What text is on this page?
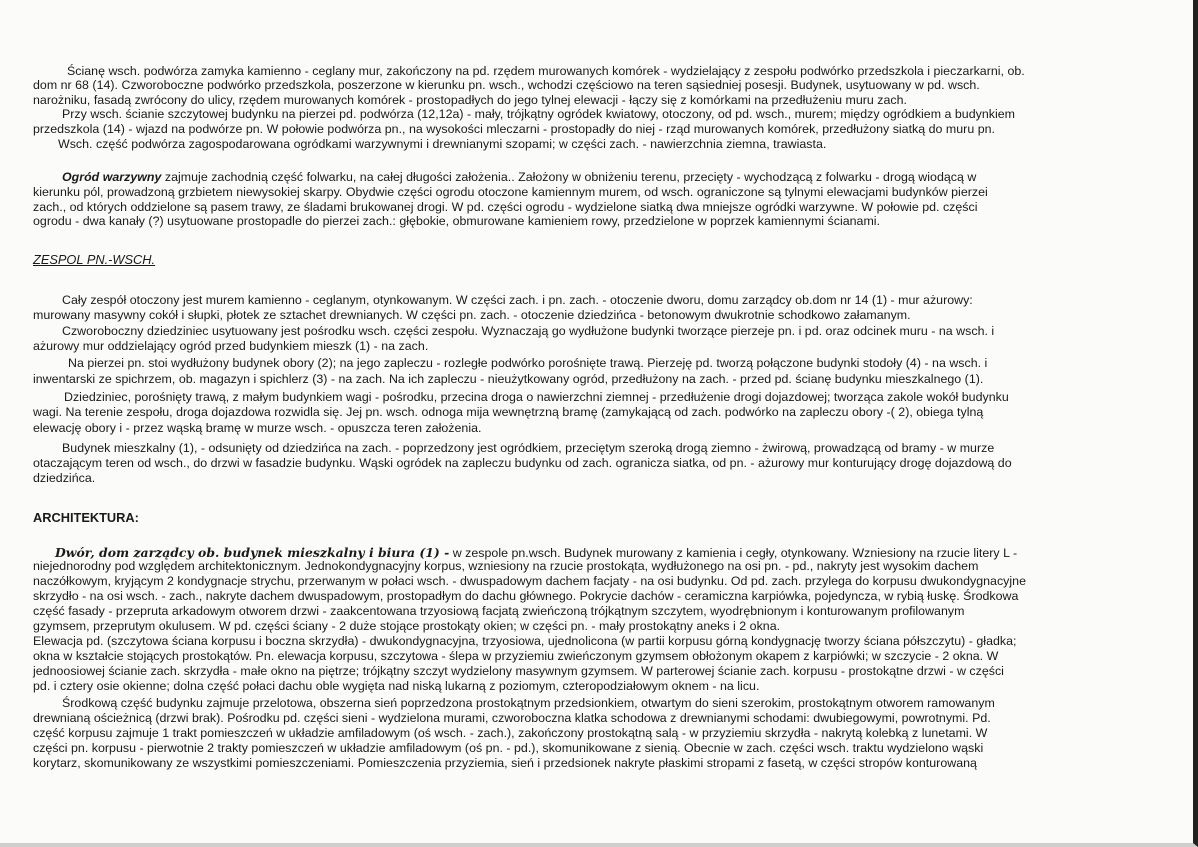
Ścianę wsch. podwórza zamyka kamienno - ceglany mur, zakończony na pd. rzędem murowanych komórek - wydzielający z zespołu podwórko przedszkola i pieczarkarni, ob.
dom nr 68 (14). Czworoboczne podwórko przedszkola, poszerzone w kierunku pn. wsch., wchodzi częściowo na teren sąsiedniej posesji. Budynek, usytuowany w pd. wsch.
narożniku, fasadą zwrócony do ulicy, rzędem murowanych komórek - prostopadłych do jego tylnej elewacji - łączy się z komórkami na przedłużeniu muru zach.
Przy wsch. ścianie szczytowej budynku na pierzei pd. podwórza (12,12a) - mały, trójkątny ogródek kwiatowy, otoczony, od pd. wsch., murem; między ogródkiem a budynkiem
przedszkola (14) - wjazd na podwórze pn. W połowie podwórza pn., na wysokości mleczarni - prostopadły do niej - rząd murowanych komórek, przedłużony siatką do muru pn.
Wsch. część podwórza zagospodarowana ogródkami warzywnymi i drewnianymi szopami; w części zach. - nawierzchnia ziemna, trawiasta.
Ogród warzywny zajmuje zachodnią część folwarku, na całej długości założenia.. Założony w obniżeniu terenu, przecięty - wychodzącą z folwarku - drogą wiodącą w
kierunku pól, prowadzoną grzbietem niewysokiej skarpy. Obydwie części ogrodu otoczone kamiennym murem, od wsch. ograniczone są tylnymi elewacjami budynków pierzei
zach., od których oddzielone są pasem trawy, ze śladami brukowanej drogi. W pd. części ogrodu - wydzielone siatką dwa mniejsze ogródki warzywne. W połowie pd. części
ogrodu - dwa kanały (?) usytuowane prostopadle do pierzei zach.: głębokie, obmurowane kamieniem rowy, przedzielone w poprzek kamiennymi ścianami.
ZESPOL PN.-WSCH.
Cały zespół otoczony jest murem kamienno - ceglanym, otynkowanym. W części zach. i pn. zach. - otoczenie dworu, domu zarządcy ob.dom nr 14 (1) - mur ażurowy:
murowany masywny cokół i słupki, płotek ze sztachet drewnianych. W części pn. zach. - otoczenie dziedzińca - betonowym dwukrotnie schodkowo załamanym.
Czworoboczny dziedziniec usytuowany jest pośrodku wsch. części zespołu. Wyznaczają go wydłużone budynki tworzące pierzeje pn. i pd. oraz odcinek muru - na wsch. i
ażurowy mur oddzielający ogród przed budynkiem mieszk (1) - na zach.
Na pierzei pn. stoi wydłużony budynek obory (2); na jego zapleczu - rozległe podwórko porośnięte trawą. Pierzeję pd. tworzą połączone budynki stodoły (4) - na wsch. i
inwentarski ze spichrzem, ob. magazyn i spichlerz (3) - na zach. Na ich zapleczu - nieużytkowany ogród, przedłużony na zach. - przed pd. ścianę budynku mieszkalnego (1).
Dziedziniec, porośnięty trawą, z małym budynkiem wagi - pośrodku, przecina droga o nawierzchni ziemnej - przedłużenie drogi dojazdowej; tworząca zakole wokół budynku
wagi. Na terenie zespołu, droga dojazdowa rozwidla się. Jej pn. wsch. odnoga mija wewnętrzną bramę (zamykającą od zach. podwórko na zapleczu obory -( 2), obiega tylną
elewację obory i - przez wąską bramę w murze wsch. - opuszcza teren założenia.
Budynek mieszkalny (1), - odsunięty od dziedzińca na zach. - poprzedzony jest ogródkiem, przeciętym szeroką drogą ziemno - żwirową, prowadzącą od bramy - w murze
otaczającym teren od wsch., do drzwi w fasadzie budynku. Wąski ogródek na zapleczu budynku od zach. ogranicza siatka, od pn. - ażurowy mur konturujący drogę dojazdową do
dziedzińca.
ARCHITEKTURA:
Dwór, dom zarządcy ob. budynek mieszkalny i biura (1) - w zespole pn.wsch. Budynek murowany z kamienia i cegły, otynkowany. Wzniesiony na rzucie litery L -
niejednorodny pod względem architektonicznym. Jednokondygnacyjny korpus, wzniesiony na rzucie prostokąta, wydłużonego na osi pn. - pd., nakryty jest wysokim dachem
naczółkowym, kryjącym 2 kondygnacje strychu, przerwanym w połaci wsch. - dwuspadowym dachem facjaty - na osi budynku. Od pd. zach. przylega do korpusu dwukondygnacyjne
skrzydło - na osi wsch. - zach., nakryte dachem dwuspadowym, prostopadłym do dachu głównego. Pokrycie dachów - ceramiczna karpiówka, pojedyncza, w rybią łuskę. Środkowa
część fasady - przepruta arkadowym otworem drzwi - zaakcentowana trzyosiową facjatą zwieńczoną trójkątnym szczytem, wyodrębnionym i konturowanym profilowanym
gzymsem, przeprutym okulusem. W pd. części ściany - 2 duże stojące prostokąty okien; w części pn. - mały prostokątny aneks i 2 okna.
Elewacja pd. (szczytowa ściana korpusu i boczna skrzydła) - dwukondygnacyjna, trzyosiowa, ujednolicona (w partii korpusu górną kondygnację tworzy ściana półszczytu) - gładka;
okna w kształcie stojących prostokątów. Pn. elewacja korpusu, szczytowa - ślepa w przyziemiu zwieńczonym gzymsem obłożonym okapem z karpiówki; w szczycie - 2 okna. W
jednoosiowej ścianie zach. skrzydła - małe okno na piętrze; trójkątny szczyt wydzielony masywnym gzymsem. W parterowej ścianie zach. korpusu - prostokątne drzwi - w części
pd. i cztery osie okienne; dolna część połaci dachu oble wygięta nad niską lukarną z poziomym, czteropodziałowym oknem - na licu.
Środkową część budynku zajmuje przelotowa, obszerna sień poprzedzona prostokątnym przedsionkiem, otwartym do sieni szerokim, prostokątnym otworem ramowanym
drewnianą ościeżnicą (drzwi brak). Pośrodku pd. części sieni - wydzielona murami, czworoboczna klatka schodowa z drewnianymi schodami: dwubiegowymi, powrotnymi. Pd.
część korpusu zajmuje 1 trakt pomieszczeń w układzie amfiladowym (oś wsch. - zach.), zakończony prostokątną salą - w przyziemiu skrzydła - nakrytą kolebką z lunetami. W
części pn. korpusu - pierwotnie 2 trakty pomieszczeń w układzie amfiladowym (oś pn. - pd.), skomunikowane z sienią. Obecnie w zach. części wsch. traktu wydzielono wąski
korytarz, skomunikowany ze wszystkimi pomieszczeniami. Pomieszczenia przyziemia, sień i przedsionek nakryte płaskimi stropami z fasetą, w części stropów konturowaną
